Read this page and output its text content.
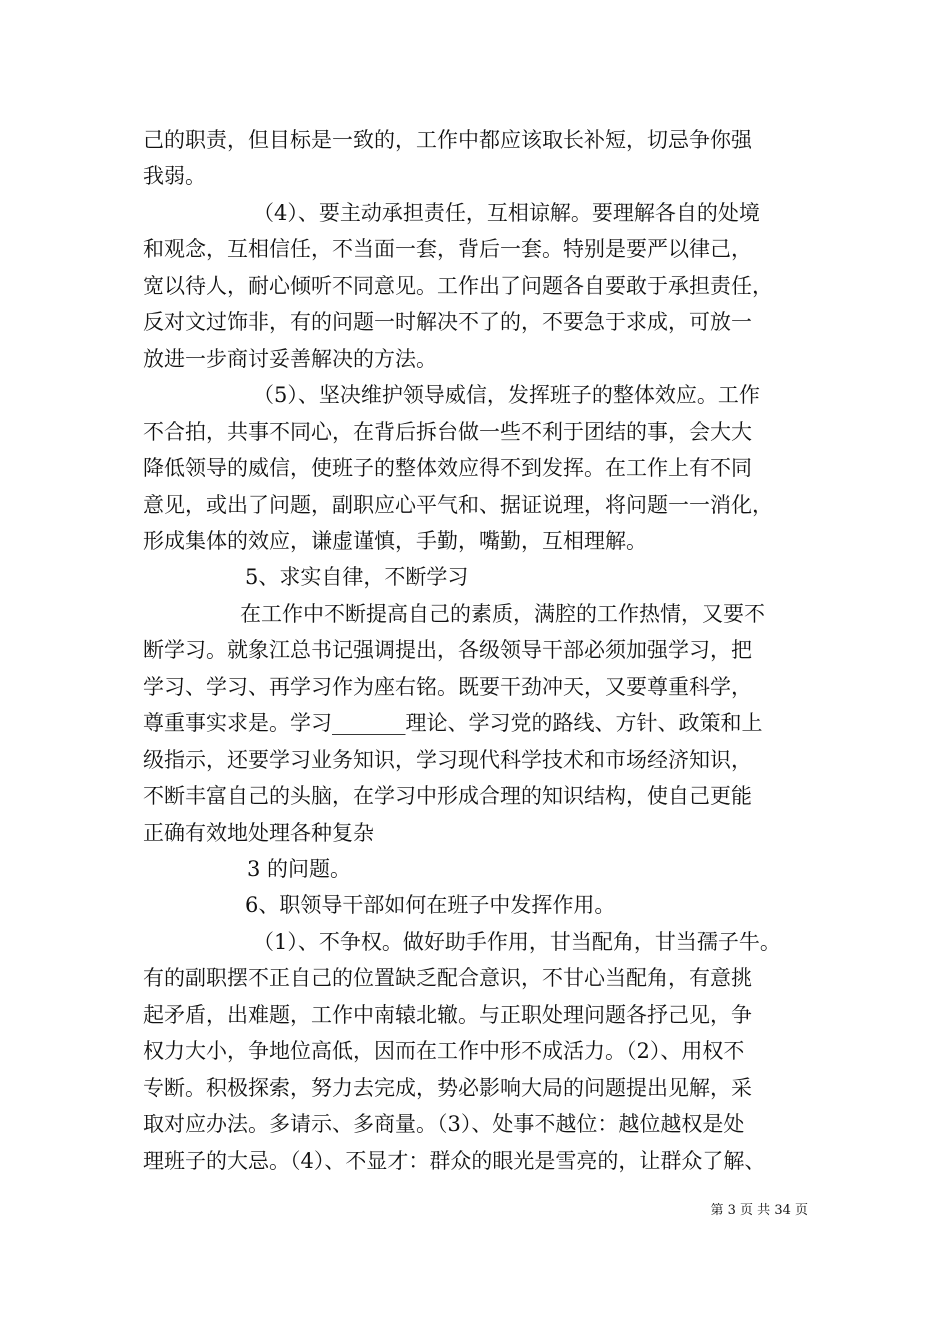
己的职责，但目标是一致的，工作中都应该取长补短，切忌争你强
我弱。
（4）、要主动承担责任，互相谅解。要理解各自的处境
和观念，互相信任，不当面一套，背后一套。特别是要严以律己，
宽以待人，耐心倾听不同意见。工作出了问题各自要敢于承担责任，
反对文过饰非，有的问题一时解决不了的，不要急于求成，可放一
放进一步商讨妥善解决的方法。
（5）、坚决维护领导威信，发挥班子的整体效应。工作
不合拍，共事不同心，在背后拆台做一些不利于团结的事，会大大
降低领导的威信，使班子的整体效应得不到发挥。在工作上有不同
意见，或出了问题，副职应心平气和、据证说理，将问题一一消化，
形成集体的效应，谦虚谨慎，手勤，嘴勤，互相理解。
5、求实自律，不断学习
在工作中不断提高自己的素质，满腔的工作热情，又要不
断学习。就象江总书记强调提出，各级领导干部必须加强学习，把
学习、学习、再学习作为座右铭。既要干劲冲天，又要尊重科学，
尊重事实求是。学习_______理论、学习党的路线、方针、政策和上
级指示，还要学习业务知识，学习现代科学技术和市场经济知识，
不断丰富自己的头脑，在学习中形成合理的知识结构，使自己更能
正确有效地处理各种复杂
3 的问题。
6、职领导干部如何在班子中发挥作用。
（1）、不争权。做好助手作用，甘当配角，甘当孺子牛。
有的副职摆不正自己的位置缺乏配合意识，不甘心当配角，有意挑
起矛盾，出难题，工作中南辕北辙。与正职处理问题各抒己见，争
权力大小，争地位高低，因而在工作中形不成活力。（2）、用权不
专断。积极探索，努力去完成，势必影响大局的问题提出见解，采
取对应办法。多请示、多商量。（3）、处事不越位：越位越权是处
理班子的大忌。（4）、不显才：群众的眼光是雪亮的，让群众了解、
第 3 页 共 34 页
